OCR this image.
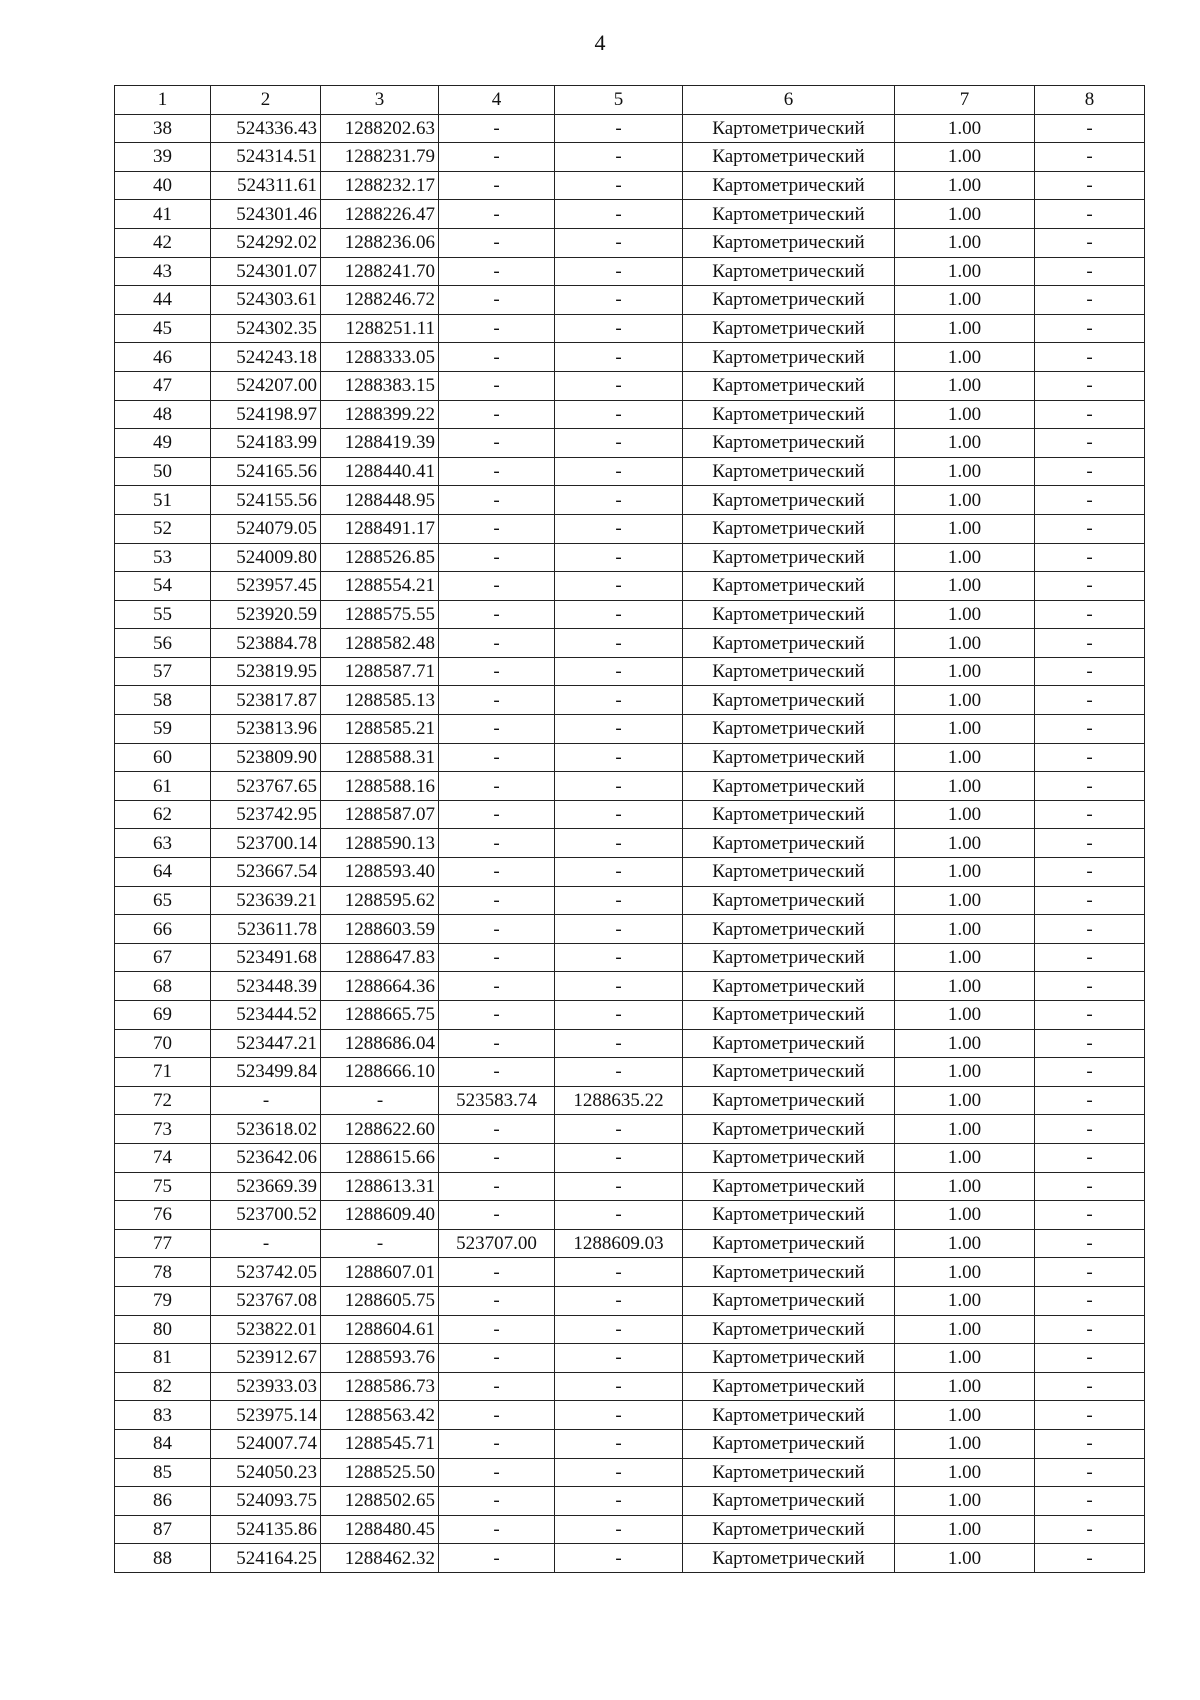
4
1	2	3	4	5	6	7	8
38	524336.43	1288202.63	-	-	Картометрический	1.00	-
39	524314.51	1288231.79	-	-	Картометрический	1.00	-
40	524311.61	1288232.17	-	-	Картометрический	1.00	-
41	524301.46	1288226.47	-	-	Картометрический	1.00	-
42	524292.02	1288236.06	-	-	Картометрический	1.00	-
43	524301.07	1288241.70	-	-	Картометрический	1.00	-
44	524303.61	1288246.72	-	-	Картометрический	1.00	-
45	524302.35	1288251.11	-	-	Картометрический	1.00	-
46	524243.18	1288333.05	-	-	Картометрический	1.00	-
47	524207.00	1288383.15	-	-	Картометрический	1.00	-
48	524198.97	1288399.22	-	-	Картометрический	1.00	-
49	524183.99	1288419.39	-	-	Картометрический	1.00	-
50	524165.56	1288440.41	-	-	Картометрический	1.00	-
51	524155.56	1288448.95	-	-	Картометрический	1.00	-
52	524079.05	1288491.17	-	-	Картометрический	1.00	-
53	524009.80	1288526.85	-	-	Картометрический	1.00	-
54	523957.45	1288554.21	-	-	Картометрический	1.00	-
55	523920.59	1288575.55	-	-	Картометрический	1.00	-
56	523884.78	1288582.48	-	-	Картометрический	1.00	-
57	523819.95	1288587.71	-	-	Картометрический	1.00	-
58	523817.87	1288585.13	-	-	Картометрический	1.00	-
59	523813.96	1288585.21	-	-	Картометрический	1.00	-
60	523809.90	1288588.31	-	-	Картометрический	1.00	-
61	523767.65	1288588.16	-	-	Картометрический	1.00	-
62	523742.95	1288587.07	-	-	Картометрический	1.00	-
63	523700.14	1288590.13	-	-	Картометрический	1.00	-
64	523667.54	1288593.40	-	-	Картометрический	1.00	-
65	523639.21	1288595.62	-	-	Картометрический	1.00	-
66	523611.78	1288603.59	-	-	Картометрический	1.00	-
67	523491.68	1288647.83	-	-	Картометрический	1.00	-
68	523448.39	1288664.36	-	-	Картометрический	1.00	-
69	523444.52	1288665.75	-	-	Картометрический	1.00	-
70	523447.21	1288686.04	-	-	Картометрический	1.00	-
71	523499.84	1288666.10	-	-	Картометрический	1.00	-
72	-	-	523583.74	1288635.22	Картометрический	1.00	-
73	523618.02	1288622.60	-	-	Картометрический	1.00	-
74	523642.06	1288615.66	-	-	Картометрический	1.00	-
75	523669.39	1288613.31	-	-	Картометрический	1.00	-
76	523700.52	1288609.40	-	-	Картометрический	1.00	-
77	-	-	523707.00	1288609.03	Картометрический	1.00	-
78	523742.05	1288607.01	-	-	Картометрический	1.00	-
79	523767.08	1288605.75	-	-	Картометрический	1.00	-
80	523822.01	1288604.61	-	-	Картометрический	1.00	-
81	523912.67	1288593.76	-	-	Картометрический	1.00	-
82	523933.03	1288586.73	-	-	Картометрический	1.00	-
83	523975.14	1288563.42	-	-	Картометрический	1.00	-
84	524007.74	1288545.71	-	-	Картометрический	1.00	-
85	524050.23	1288525.50	-	-	Картометрический	1.00	-
86	524093.75	1288502.65	-	-	Картометрический	1.00	-
87	524135.86	1288480.45	-	-	Картометрический	1.00	-
88	524164.25	1288462.32	-	-	Картометрический	1.00	-
